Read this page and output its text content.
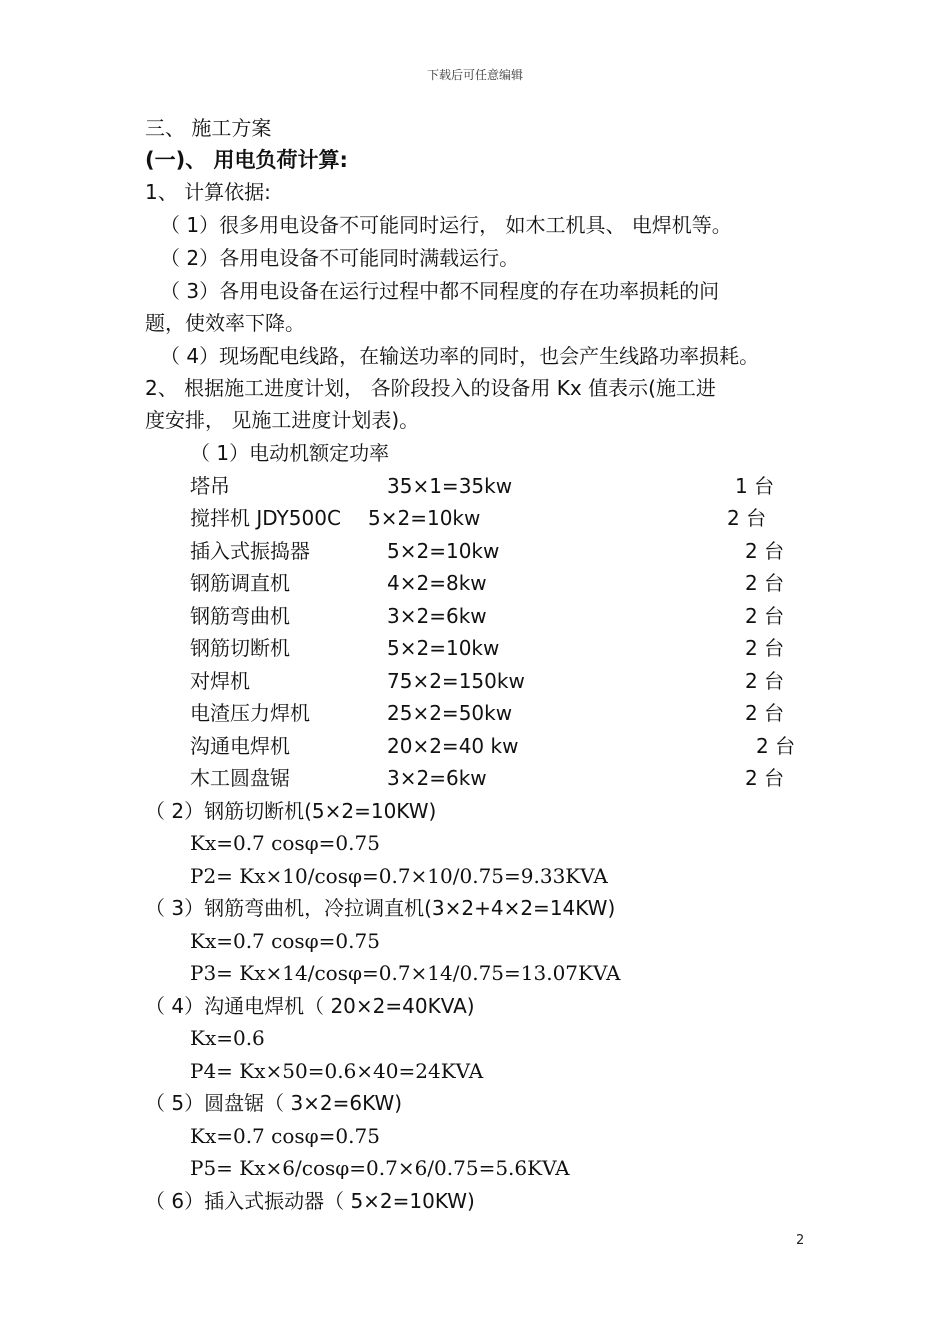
下载后可任意编辑
三、 施工方案
(一)、 用电负荷计算:
1、 计算依据:
（ 1）很多用电设备不可能同时运行， 如木工机具、 电焊机等。
（ 2）各用电设备不可能同时满载运行。
（ 3）各用电设备在运行过程中都不同程度的存在功率损耗的问
题，使效率下降。
（ 4）现场配电线路，在输送功率的同时，也会产生线路功率损耗。
2、 根据施工进度计划， 各阶段投入的设备用 Kx 值表示(施工进
度安排， 见施工进度计划表)。
（ 1）电动机额定功率
塔吊	35×1=35kw	1 台
搅拌机 JDY500C 5×2=10kw	2 台
插入式振捣器	5×2=10kw	2 台
钢筋调直机	4×2=8kw	2 台
钢筋弯曲机	3×2=6kw	2 台
钢筋切断机	5×2=10kw	2 台
对焊机	75×2=150kw	2 台
电渣压力焊机	25×2=50kw	2 台
沟通电焊机	20×2=40 kw	2 台
木工圆盘锯	3×2=6kw	2 台
（ 2）钢筋切断机(5×2=10KW)
Kx=0.7 cosφ=0.75
P2= Kx×10/cosφ=0.7×10/0.75=9.33KVA
（ 3）钢筋弯曲机，冷拉调直机(3×2+4×2=14KW)
Kx=0.7 cosφ=0.75
P3= Kx×14/cosφ=0.7×14/0.75=13.07KVA
（ 4）沟通电焊机（ 20×2=40KVA)
Kx=0.6
P4= Kx×50=0.6×40=24KVA
（ 5）圆盘锯（ 3×2=6KW)
Kx=0.7 cosφ=0.75
P5= Kx×6/cosφ=0.7×6/0.75=5.6KVA
（ 6）插入式振动器（ 5×2=10KW)
2
